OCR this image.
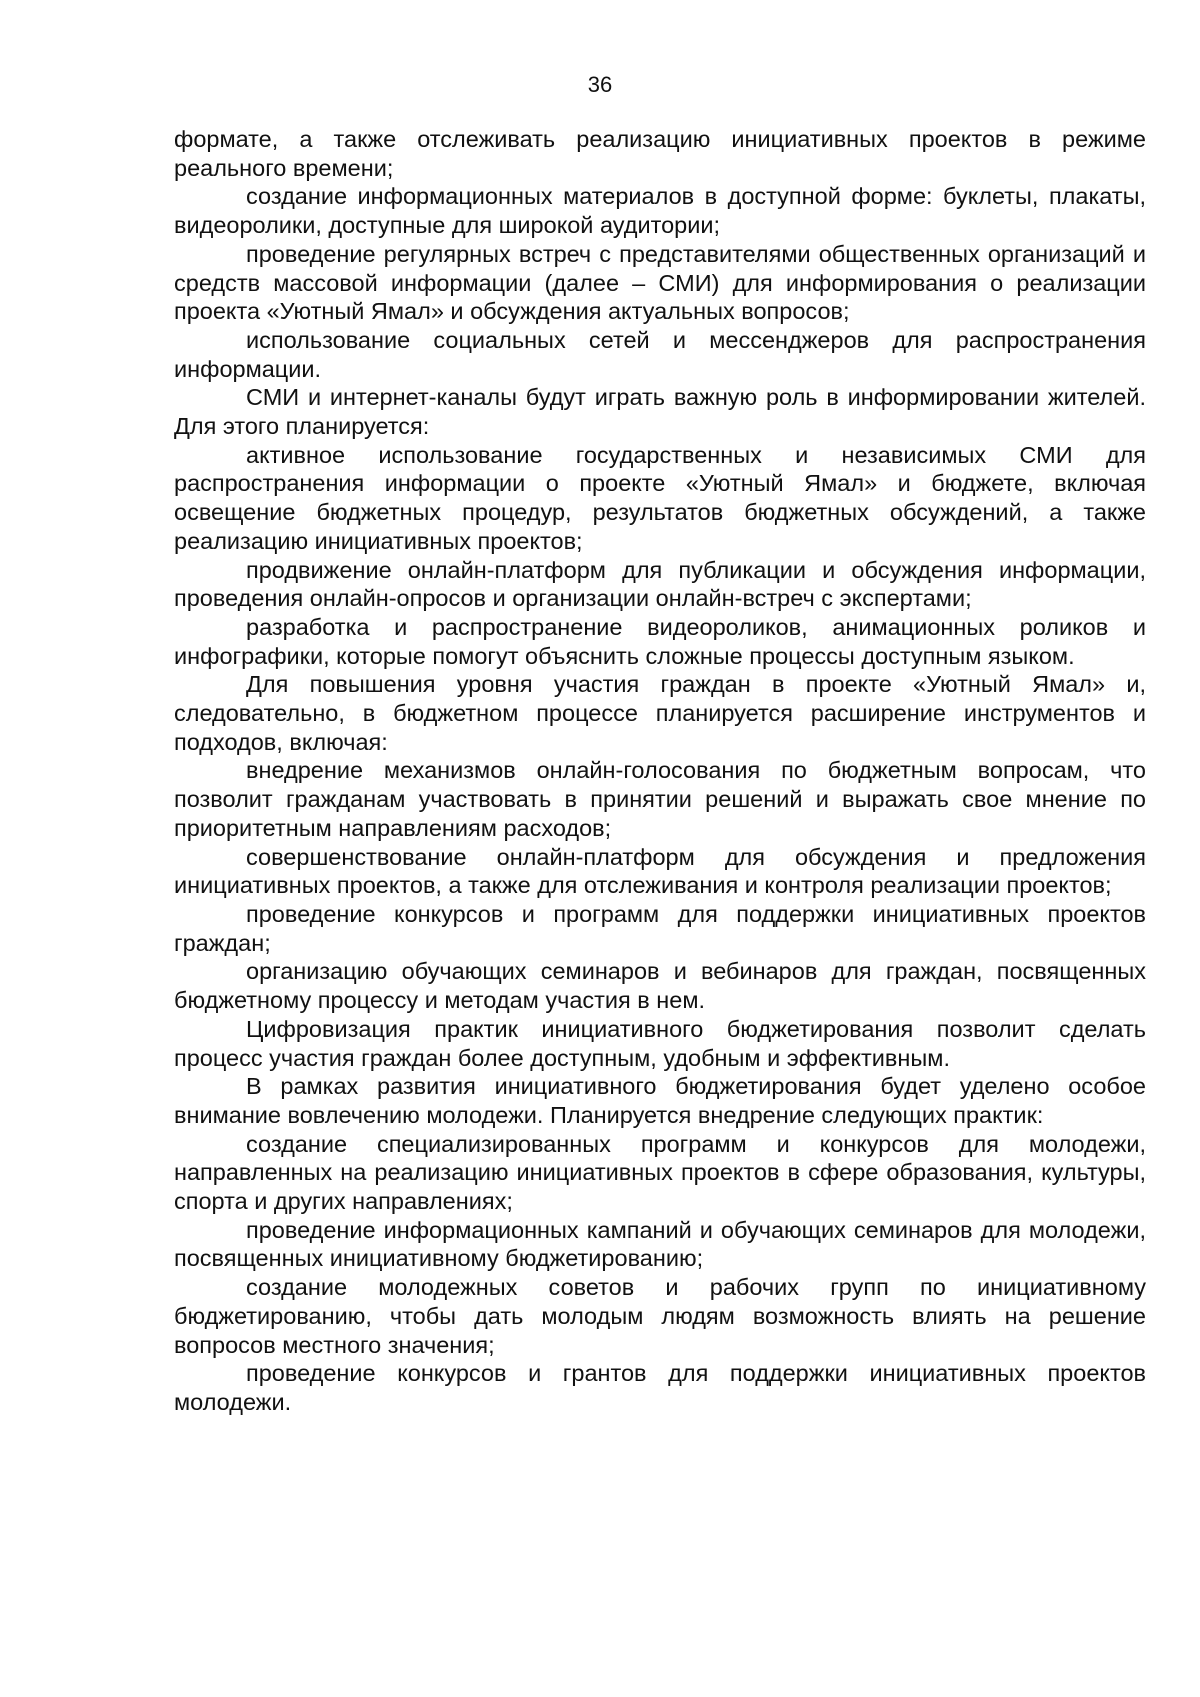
36

формате, а также отслеживать реализацию инициативных проектов в режиме реального времени;

создание информационных материалов в доступной форме: буклеты, плакаты, видеоролики, доступные для широкой аудитории;

проведение регулярных встреч с представителями общественных организаций и средств массовой информации (далее – СМИ) для информирования о реализации проекта «Уютный Ямал» и обсуждения актуальных вопросов;

использование социальных сетей и мессенджеров для распространения информации.

СМИ и интернет-каналы будут играть важную роль в информировании жителей. Для этого планируется:

активное использование государственных и независимых СМИ для распространения информации о проекте «Уютный Ямал» и бюджете, включая освещение бюджетных процедур, результатов бюджетных обсуждений, а также реализацию инициативных проектов;

продвижение онлайн-платформ для публикации и обсуждения информации, проведения онлайн-опросов и организации онлайн-встреч с экспертами;

разработка и распространение видеороликов, анимационных роликов и инфографики, которые помогут объяснить сложные процессы доступным языком.

Для повышения уровня участия граждан в проекте «Уютный Ямал» и, следовательно, в бюджетном процессе планируется расширение инструментов и подходов, включая:

внедрение механизмов онлайн-голосования по бюджетным вопросам, что позволит гражданам участвовать в принятии решений и выражать свое мнение по приоритетным направлениям расходов;

совершенствование онлайн-платформ для обсуждения и предложения инициативных проектов, а также для отслеживания и контроля реализации проектов;

проведение конкурсов и программ для поддержки инициативных проектов граждан;

организацию обучающих семинаров и вебинаров для граждан, посвященных бюджетному процессу и методам участия в нем.

Цифровизация практик инициативного бюджетирования позволит сделать процесс участия граждан более доступным, удобным и эффективным.

В рамках развития инициативного бюджетирования будет уделено особое внимание вовлечению молодежи. Планируется внедрение следующих практик:

создание специализированных программ и конкурсов для молодежи, направленных на реализацию инициативных проектов в сфере образования, культуры, спорта и других направлениях;

проведение информационных кампаний и обучающих семинаров для молодежи, посвященных инициативному бюджетированию;

создание молодежных советов и рабочих групп по инициативному бюджетированию, чтобы дать молодым людям возможность влиять на решение вопросов местного значения;

проведение конкурсов и грантов для поддержки инициативных проектов молодежи.
